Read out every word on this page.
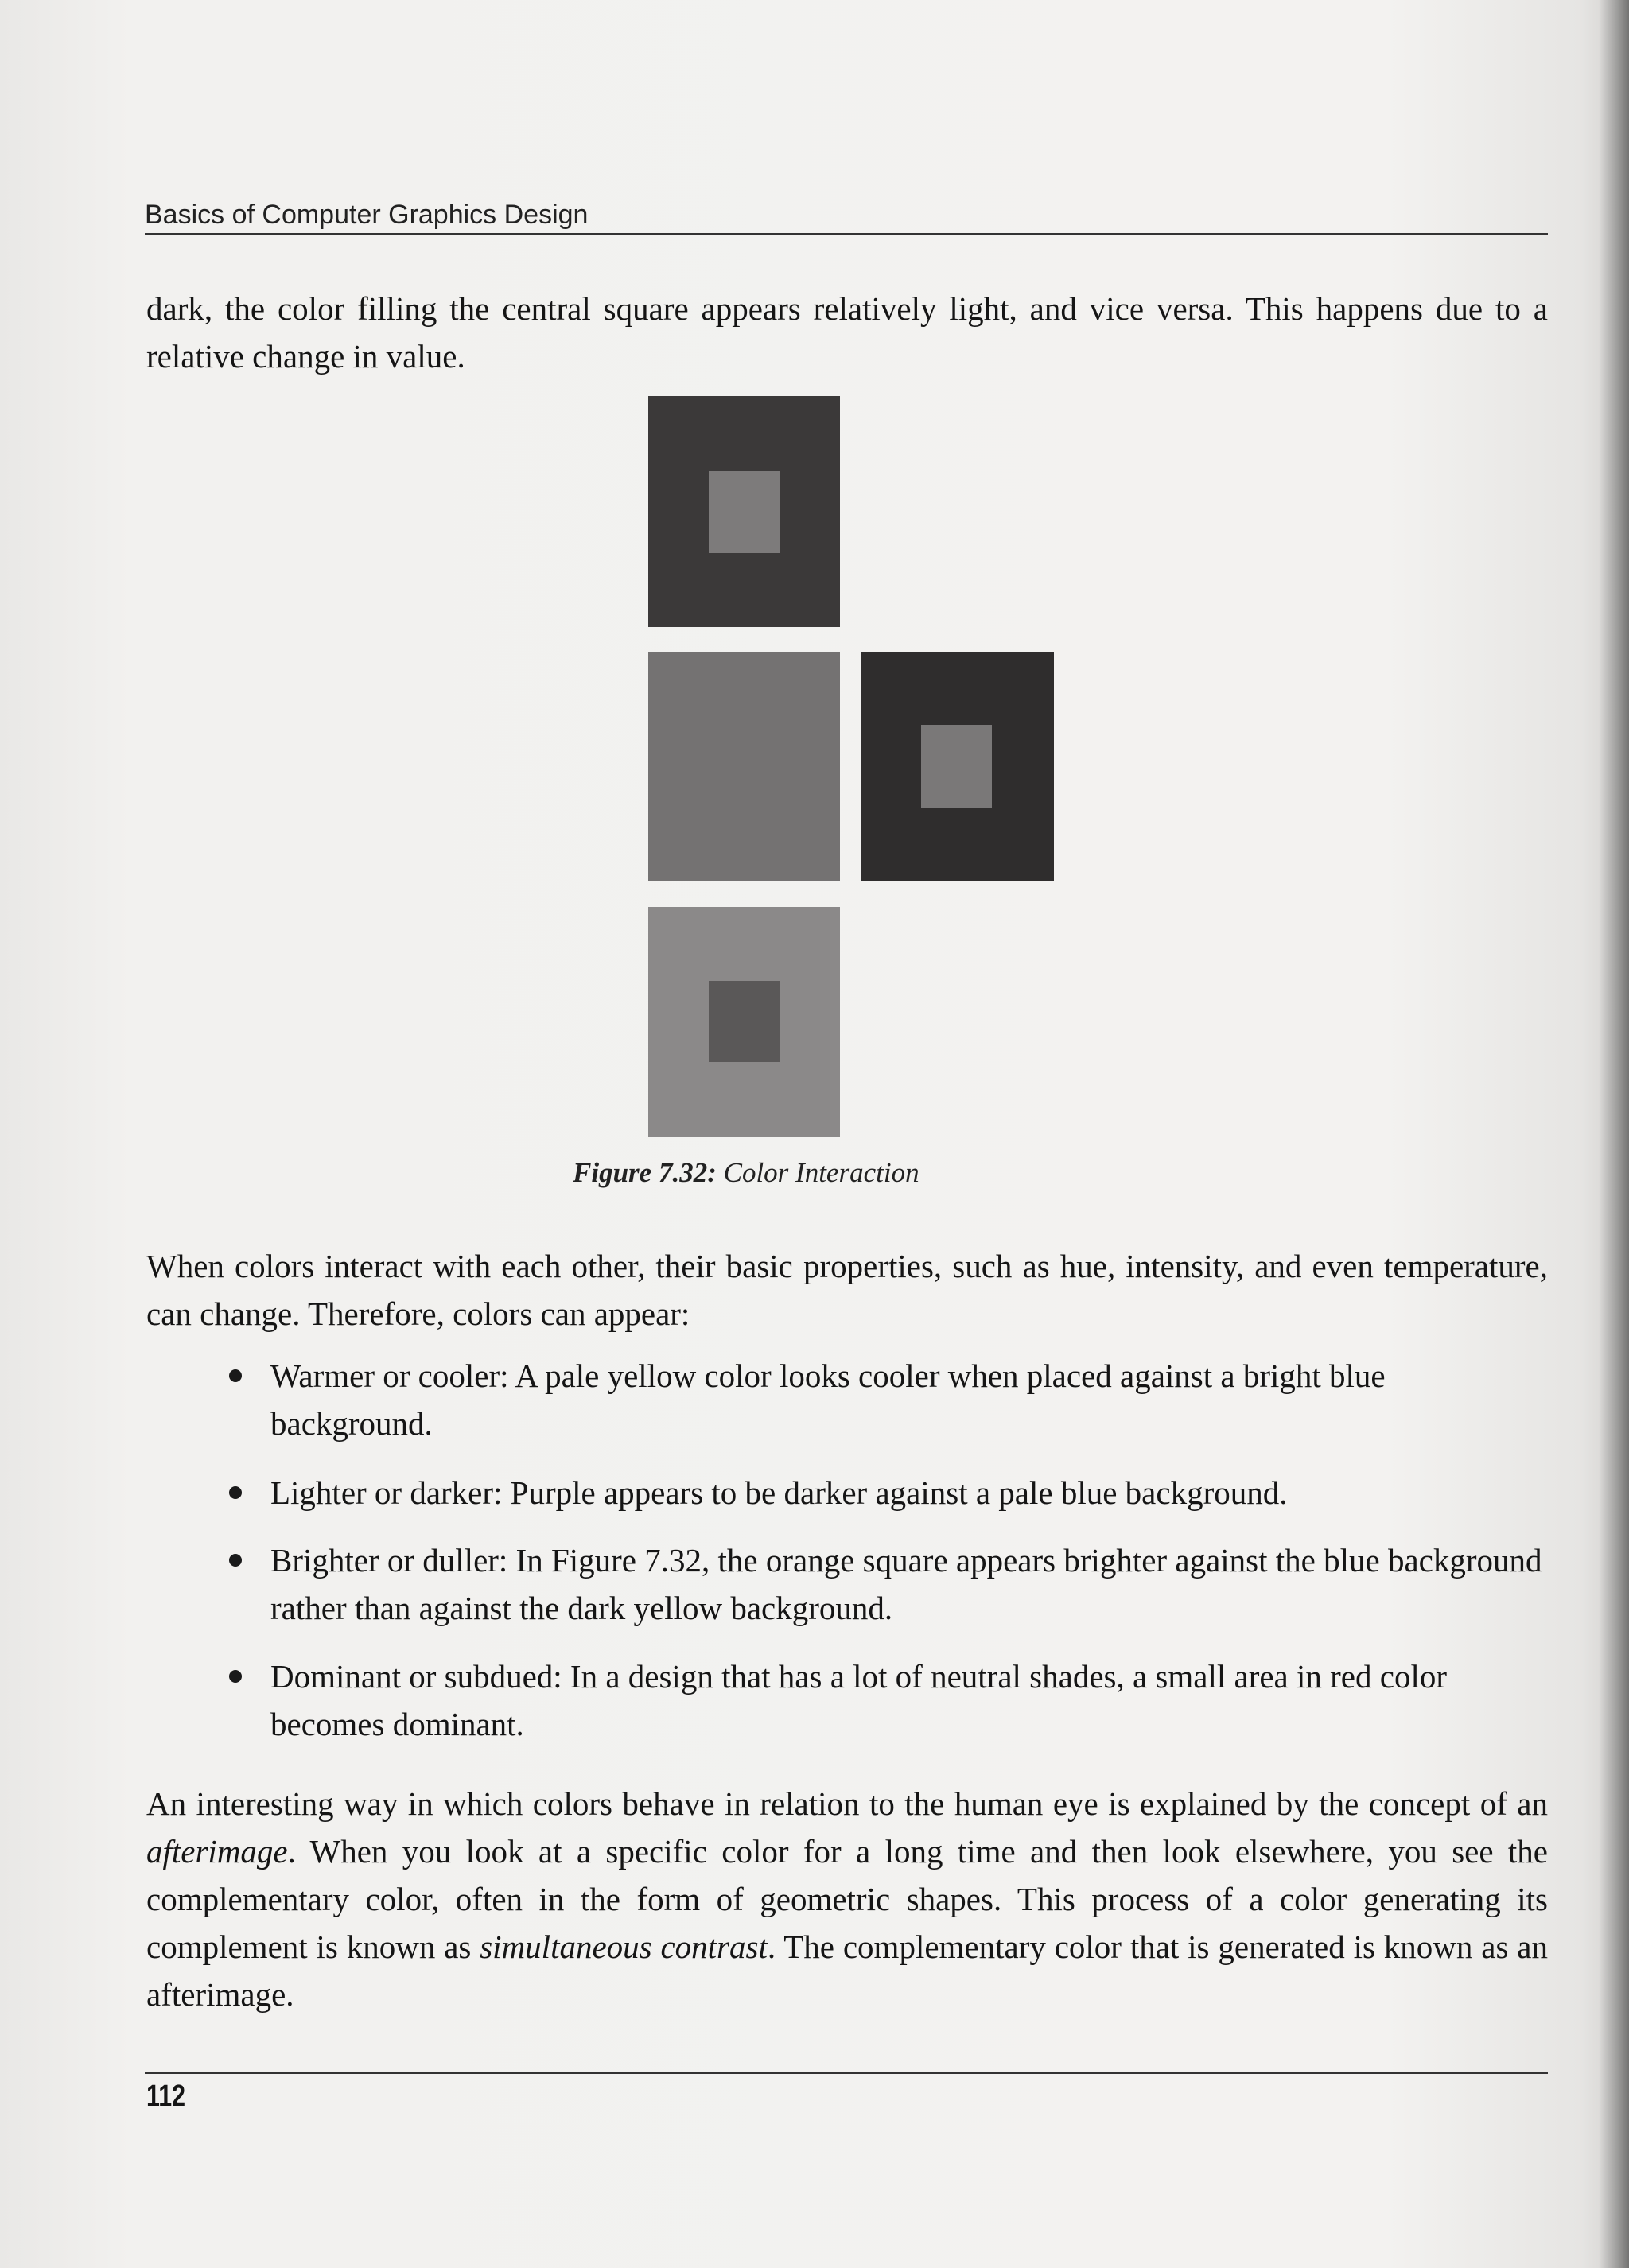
Basics of Computer Graphics Design

dark, the color filling the central square appears relatively light, and vice versa. This happens due to a relative change in value.

Figure 7.32: Color Interaction

When colors interact with each other, their basic properties, such as hue, intensity, and even temperature, can change. Therefore, colors can appear:

Warmer or cooler: A pale yellow color looks cooler when placed against a bright blue background.
Lighter or darker: Purple appears to be darker against a pale blue background.
Brighter or duller: In Figure 7.32, the orange square appears brighter against the blue background rather than against the dark yellow background.
Dominant or subdued: In a design that has a lot of neutral shades, a small area in red color becomes dominant.

An interesting way in which colors behave in relation to the human eye is explained by the concept of an afterimage. When you look at a specific color for a long time and then look elsewhere, you see the complementary color, often in the form of geometric shapes. This process of a color generating its complement is known as simultaneous contrast. The complementary color that is generated is known as an afterimage.

112
